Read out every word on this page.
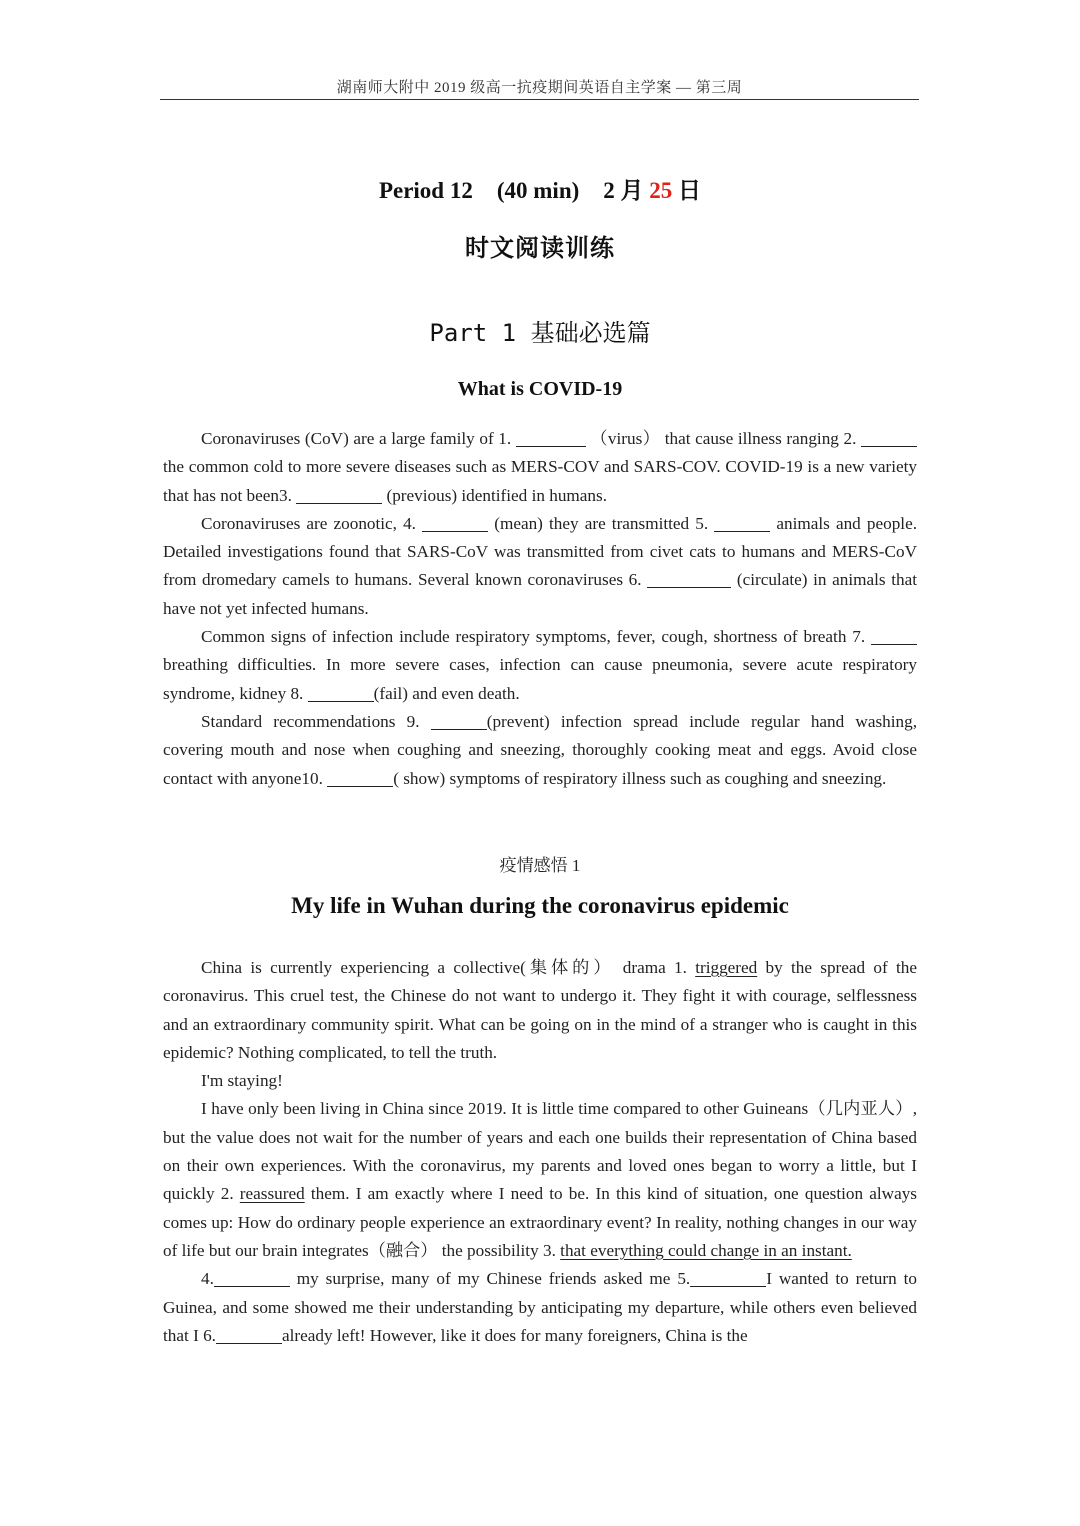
湖南师大附中 2019 级高一抗疫期间英语自主学案 — 第三周
Period 12 (40 min) 2 月 25 日
时文阅读训练
Part 1 基础必选篇
What is COVID-19

Coronaviruses (CoV) are a large family of 1.	（virus） that cause illness ranging 2. the common cold to more severe diseases such as MERS-COV and SARS-COV. COVID-19 is a new variety that has not been3.	(previous) identified in humans.

Coronaviruses are zoonotic, 4.	(mean) they are transmitted 5.	animals and people. Detailed investigations found that SARS-CoV was transmitted from civet cats to humans and MERS-CoV from dromedary camels to humans. Several known coronaviruses 6.	(circulate) in animals that have not yet infected humans.

Common signs of infection include respiratory symptoms, fever, cough, shortness of breath 7.  breathing difficulties. In more severe cases, infection can cause pneumonia, severe acute respiratory syndrome, kidney 8.	(fail) and even death.

Standard recommendations 9.	(prevent) infection spread include regular hand washing, covering mouth and nose when coughing and sneezing, thoroughly cooking meat and eggs. Avoid close contact with anyone10.	( show) symptoms of respiratory illness such as coughing and sneezing.

疫情感悟 1
My life in Wuhan during the coronavirus epidemic

China is currently experiencing a collective(集体的） drama 1. triggered by the spread of the coronavirus. This cruel test, the Chinese do not want to undergo it. They fight it with courage, selflessness and an extraordinary community spirit. What can be going on in the mind of a stranger who is caught in this epidemic? Nothing complicated, to tell the truth.

I'm staying!

I have only been living in China since 2019. It is little time compared to other Guineans（几内亚人）, but the value does not wait for the number of years and each one builds their representation of China based on their own experiences. With the coronavirus, my parents and loved ones began to worry a little, but I quickly 2. reassured them. I am exactly where I need to be. In this kind of situation, one question always comes up: How do ordinary people experience an extraordinary event? In reality, nothing changes in our way of life but our brain integrates（融合） the possibility 3. that everything could change in an instant.

4.	my surprise, many of my Chinese friends asked me 5.	I wanted to return to Guinea, and some showed me their understanding by anticipating my departure, while others even believed that I 6.	already left! However, like it does for many foreigners, China is the
